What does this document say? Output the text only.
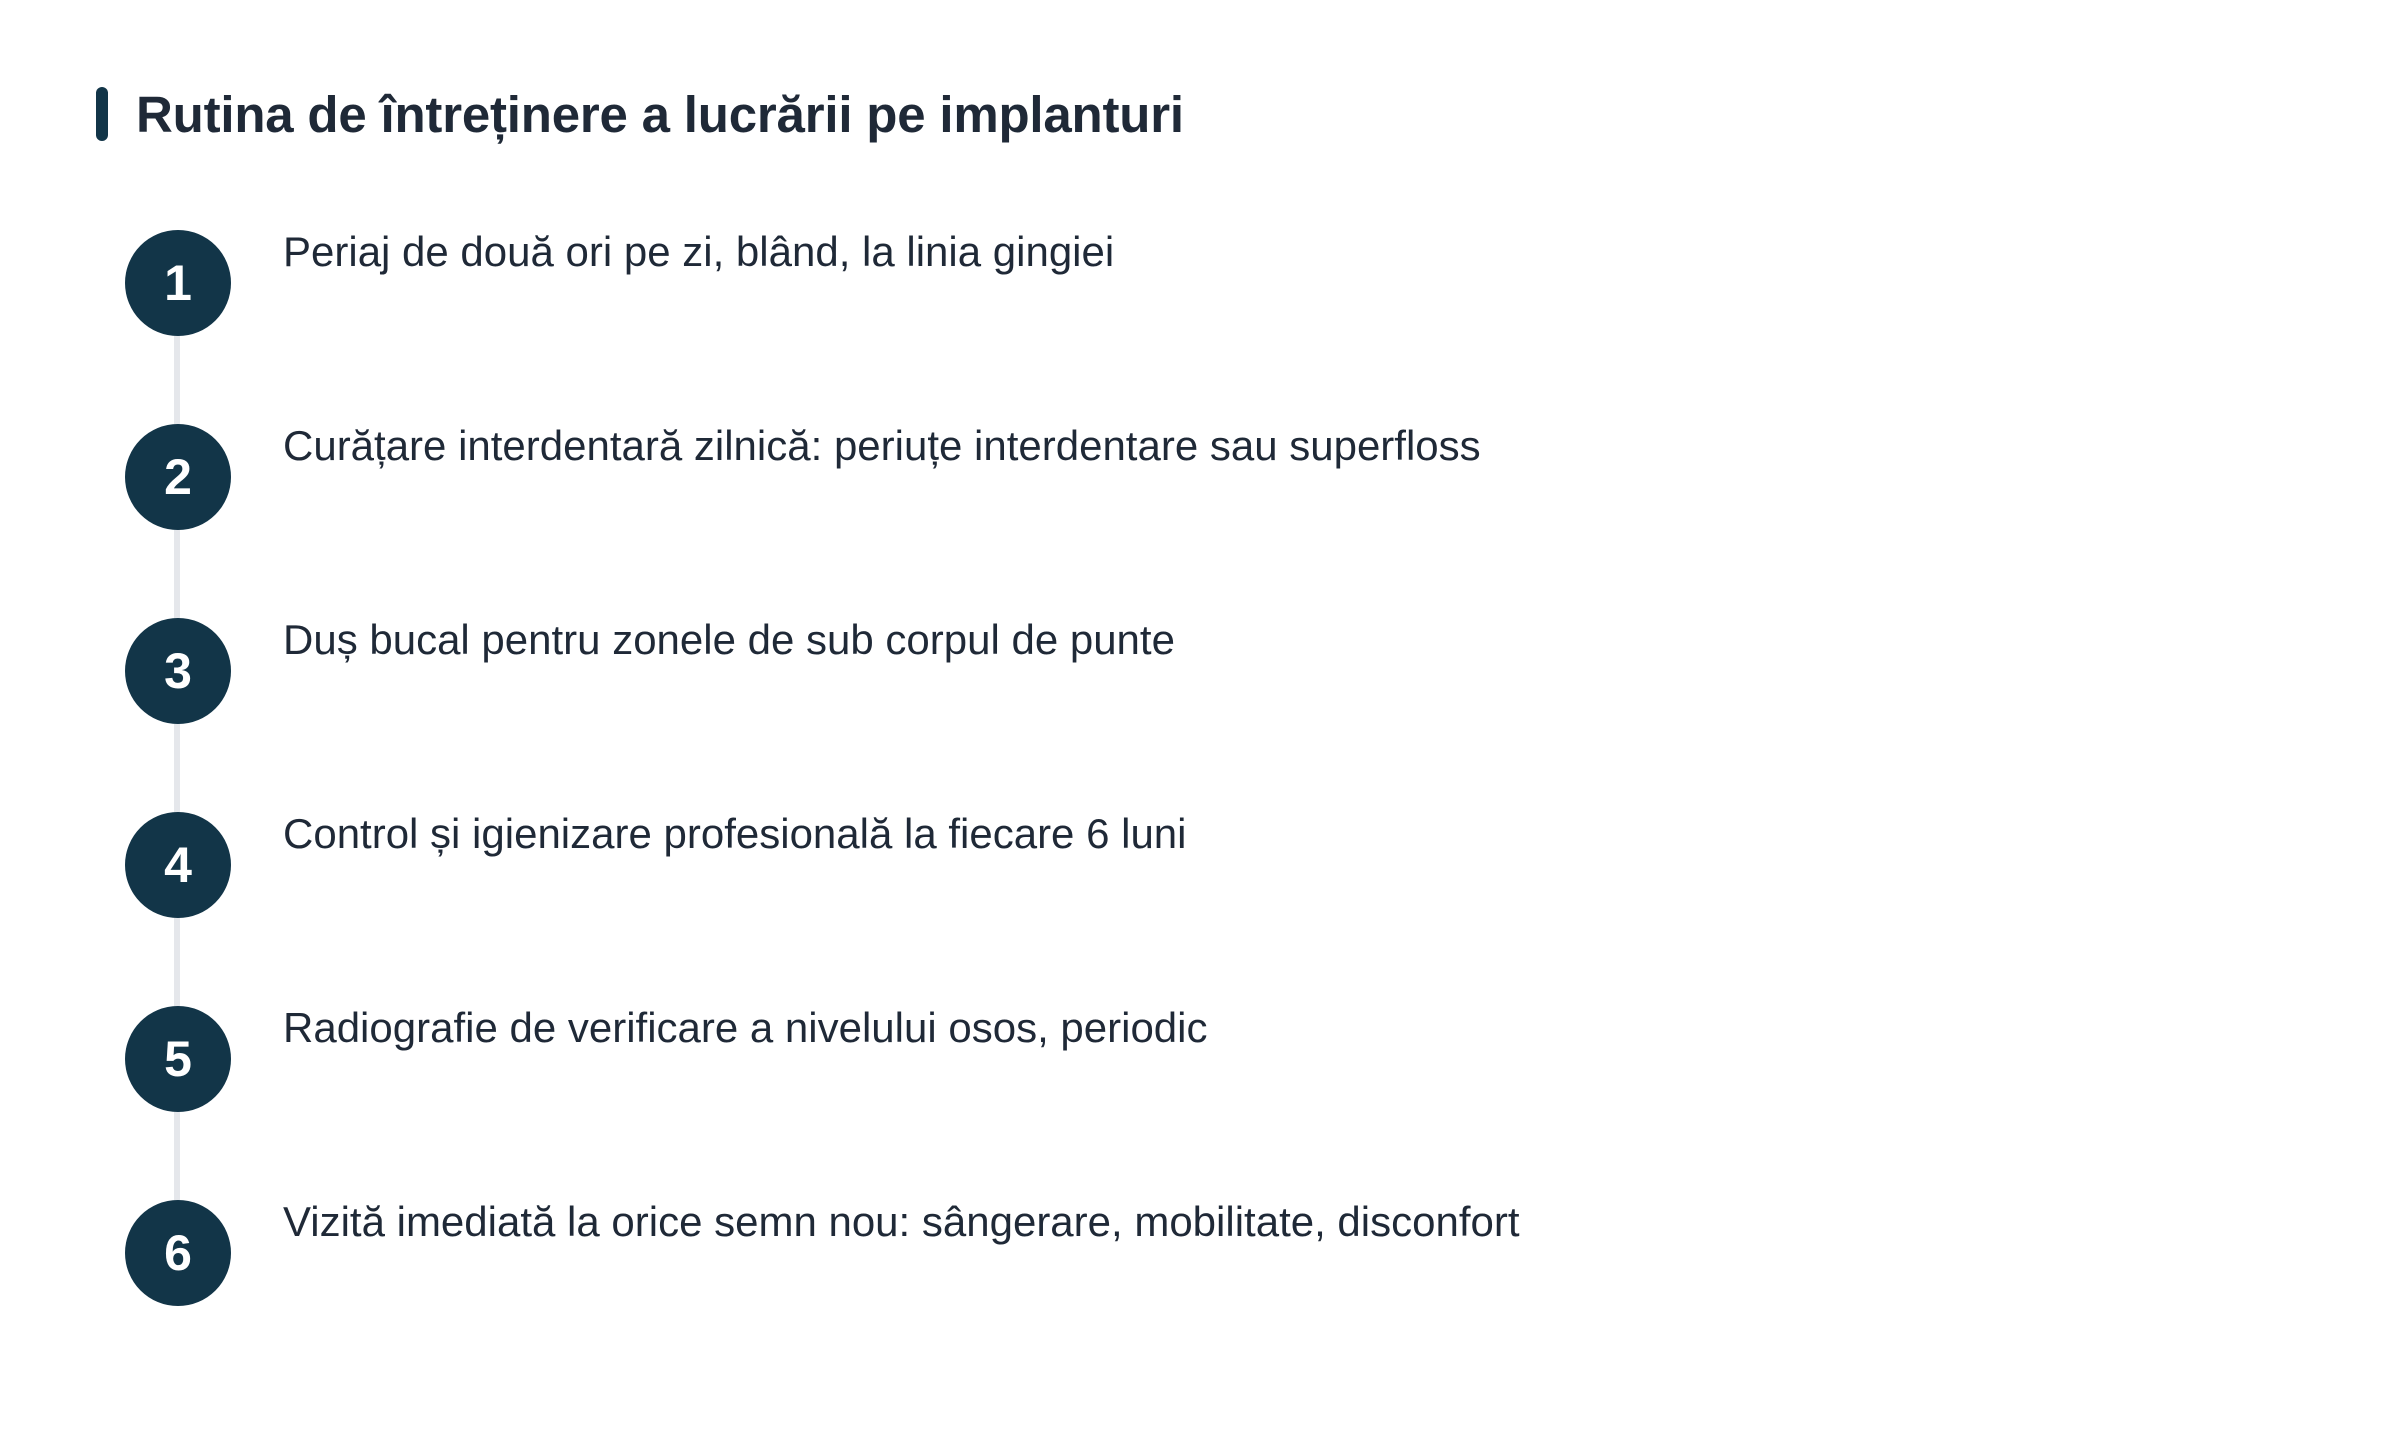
Rutina de întreținere a lucrării pe implanturi
1
Periaj de două ori pe zi, blând, la linia gingiei
2
Curățare interdentară zilnică: periuțe interdentare sau superfloss
3
Duș bucal pentru zonele de sub corpul de punte
4
Control și igienizare profesională la fiecare 6 luni
5
Radiografie de verificare a nivelului osos, periodic
6
Vizită imediată la orice semn nou: sângerare, mobilitate, disconfort
